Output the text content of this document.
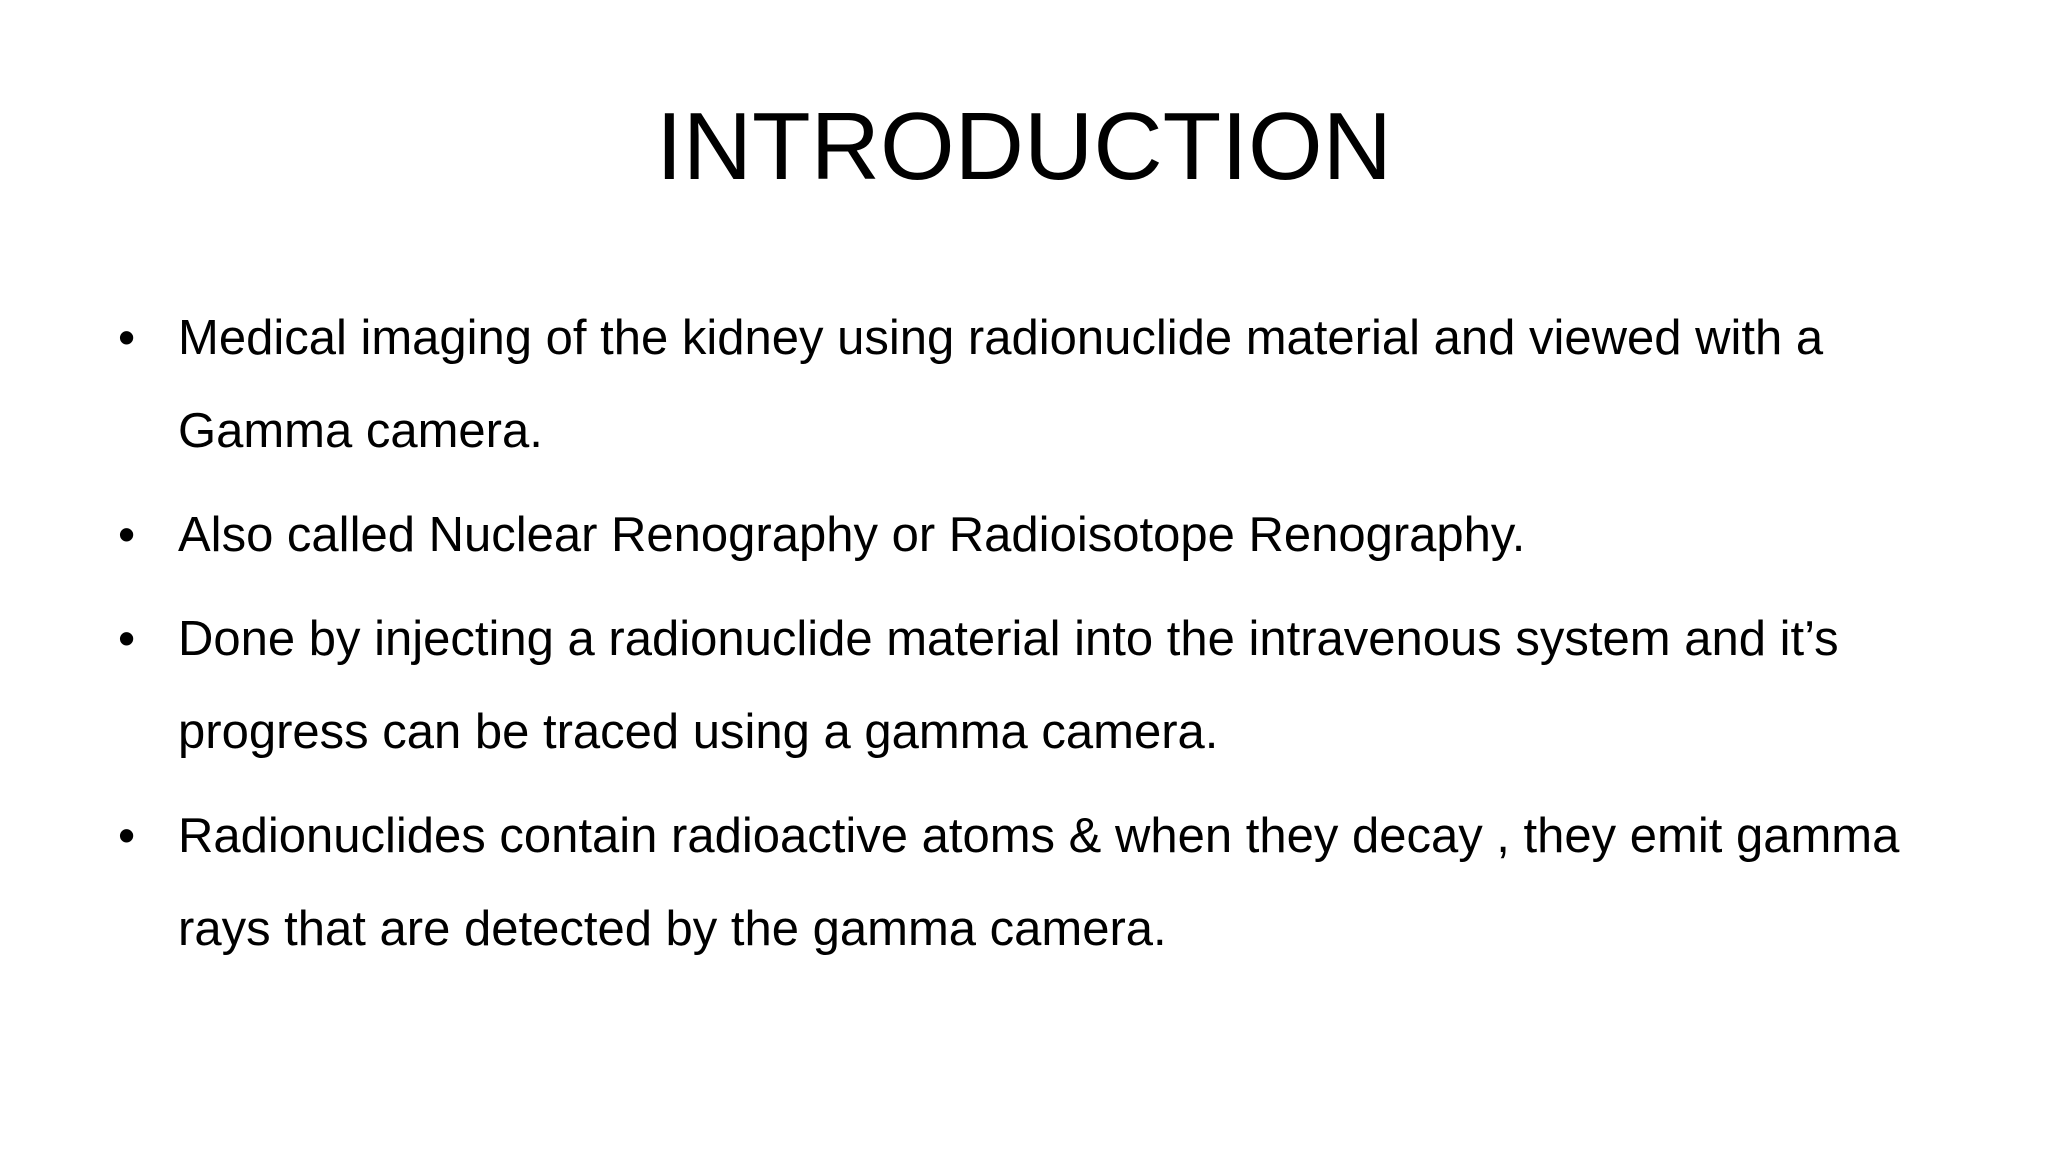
INTRODUCTION
• Medical imaging of the kidney using radionuclide material and viewed with a Gamma camera.
• Also called Nuclear Renography or Radioisotope Renography.
• Done by injecting a radionuclide material into the intravenous system and it’s progress can be traced using a gamma camera.
• Radionuclides contain radioactive atoms & when they decay , they emit gamma rays that are detected by the gamma camera.
